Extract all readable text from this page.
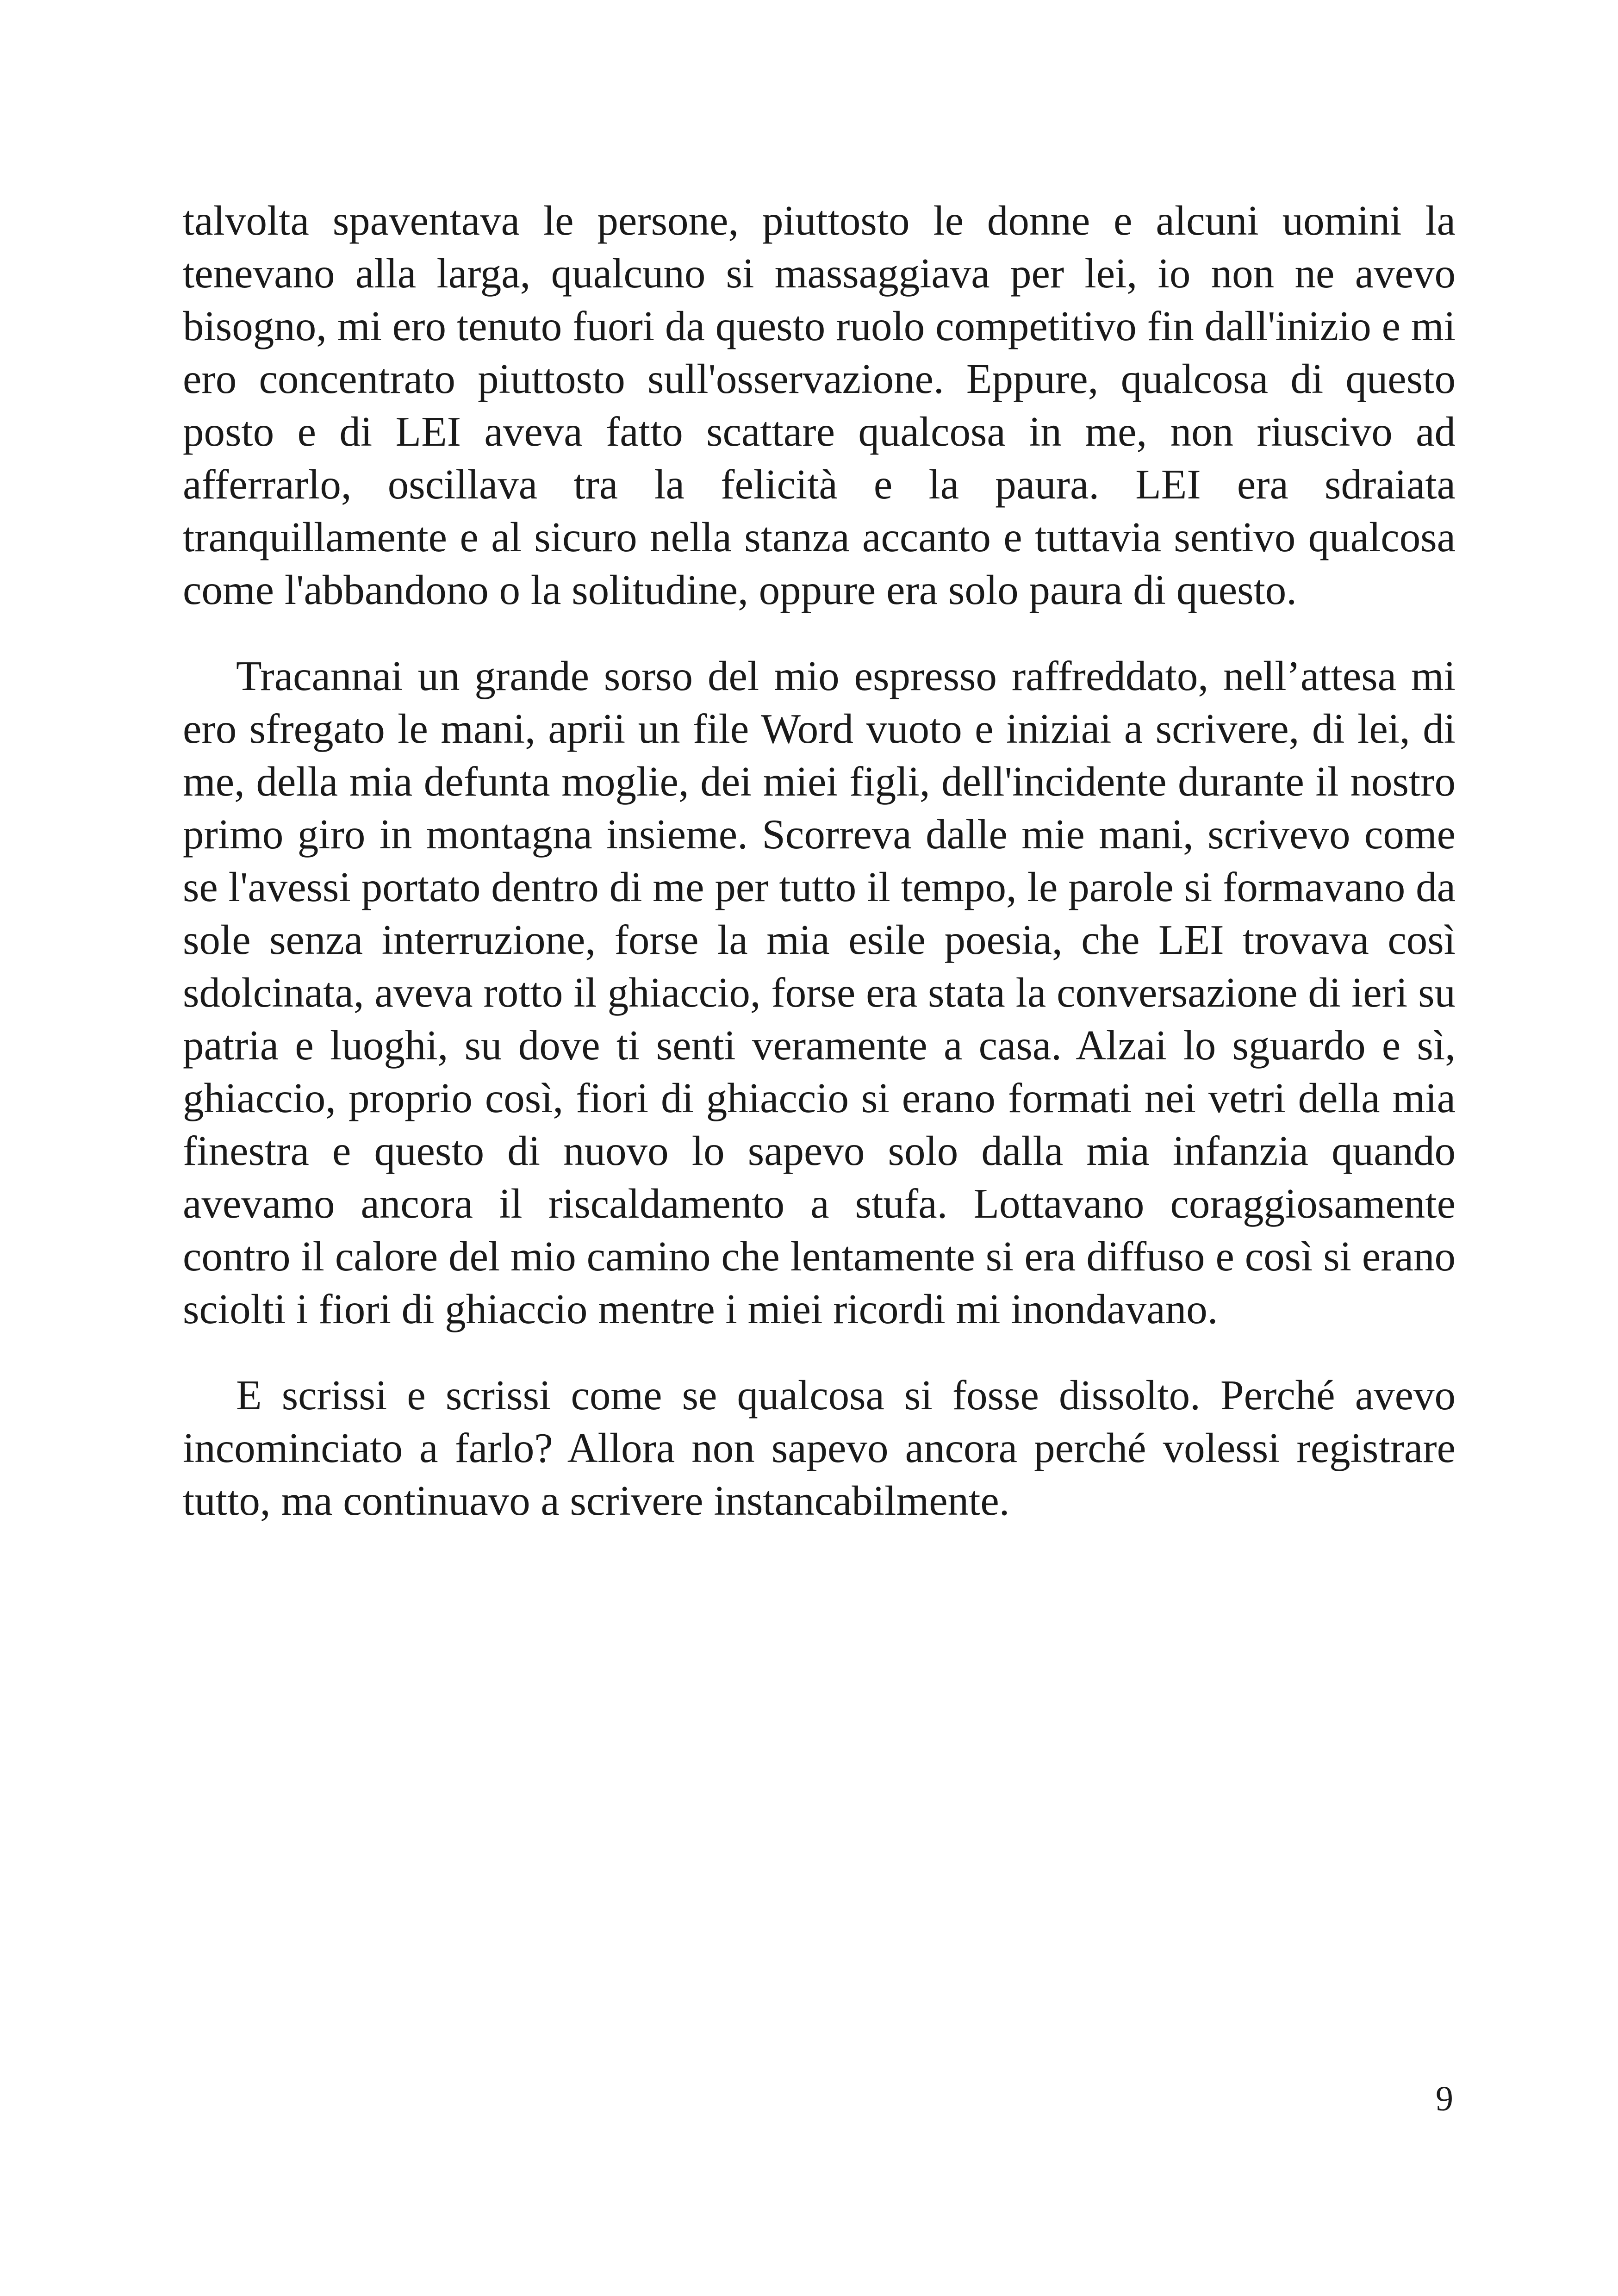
talvolta spaventava le persone, piuttosto le donne e alcuni uomini la tenevano alla larga, qualcuno si massaggiava per lei, io non ne avevo bisogno, mi ero tenuto fuori da questo ruolo competitivo fin dall'inizio e mi ero concentrato piuttosto sull'osservazione. Eppure, qualcosa di questo posto e di LEI aveva fatto scattare qualcosa in me, non riuscivo ad afferrarlo, oscillava tra la felicità e la paura. LEI era sdraiata tranquillamente e al sicuro nella stanza accanto e tuttavia sentivo qualcosa come l'abbandono o la solitudine, oppure era solo paura di questo.

Tracannai un grande sorso del mio espresso raffreddato, nell’attesa mi ero sfregato le mani, aprii un file Word vuoto e iniziai a scrivere, di lei, di me, della mia defunta moglie, dei miei figli, dell'incidente durante il nostro primo giro in montagna insieme. Scorreva dalle mie mani, scrivevo come se l'avessi portato dentro di me per tutto il tempo, le parole si formavano da sole senza interruzione, forse la mia esile poesia, che LEI trovava così sdolcinata, aveva rotto il ghiaccio, forse era stata la conversazione di ieri su patria e luoghi, su dove ti senti veramente a casa. Alzai lo sguardo e sì, ghiaccio, proprio così, fiori di ghiaccio si erano formati nei vetri della mia finestra e questo di nuovo lo sapevo solo dalla mia infanzia quando avevamo ancora il riscaldamento a stufa. Lottavano coraggiosamente contro il calore del mio camino che lentamente si era diffuso e così si erano sciolti i fiori di ghiaccio mentre i miei ricordi mi inondavano.

E scrissi e scrissi come se qualcosa si fosse dissolto. Perché avevo incominciato a farlo? Allora non sapevo ancora perché volessi registrare tutto, ma continuavo a scrivere instancabilmente.

9
